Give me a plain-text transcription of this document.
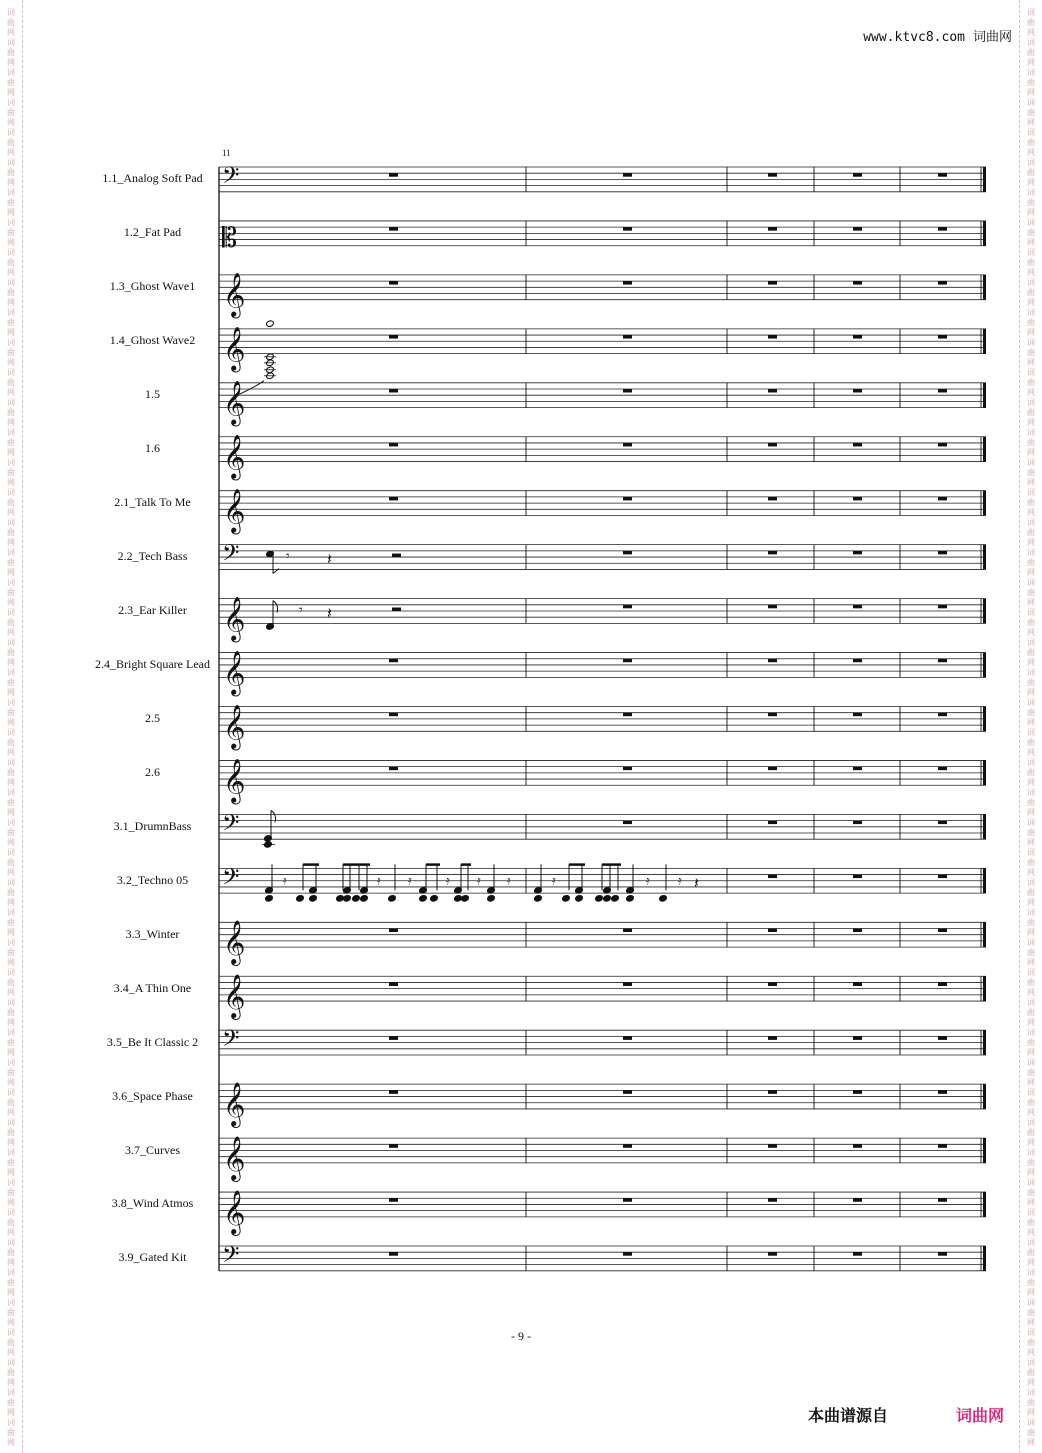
词
曲
网
词
曲
网
词
曲
网
词
曲
网
词
曲
网
词
曲
网
词
曲
网
词
曲
网
词
曲
网
词
曲
网
词
曲
网
词
曲
网
词
曲
网
词
曲
网
词
曲
网
词
曲
网
词
曲
网
词
曲
网
词
曲
网
词
曲
网
词
曲
网
词
曲
网
词
曲
网
词
曲
网
词
曲
网
词
曲
网
词
曲
网
词
曲
网
词
曲
网
词
曲
网
词
曲
网
词
曲
网
词
曲
网
词
曲
网
词
曲
网
词
曲
网
词
曲
网
词
曲
网
词
曲
网
词
曲
网
词
曲
网
词
曲
网
词
曲
网
词
曲
网
词
曲
网
词
曲
网
词
曲
网
词
曲
网
词
曲
网
词
曲
网
词
曲
网
词
曲
网
词
曲
网
词
曲
网
词
曲
网
词
曲
网
词
曲
网
词
曲
网
词
曲
网
词
曲
网
词
曲
网
词
曲
网
词
曲
网
词
曲
网
词
曲
网
词
曲
网
词
曲
网
词
曲
网
词
曲
网
词
曲
网
词
曲
网
词
曲
网
词
曲
网
词
曲
网
词
曲
网
词
曲
网
词
曲
网
词
曲
网
词
曲
网
词
曲
网
词
曲
网
词
曲
网
词
曲
网
词
曲
网
词
曲
网
词
曲
网
词
曲
网
词
曲
网
词
曲
网
词
曲
网
词
曲
网
词
曲
网
词
曲
网
词
曲
网
词
曲
网
词
曲
网
www.ktvc8.com 词曲网
11
𝄢
𝄡
𝄞
𝄞
𝄞
𝄞
𝄞
𝄢
𝄞
𝄞
𝄞
𝄞
𝄢
𝄢
𝄞
𝄞
𝄢
𝄞
𝄞
𝄞
𝄢
𝄾 𝄽
𝄾 𝄽
𝄿	𝄿 𝄿	𝄿 𝄿 𝄿	𝄿	𝄿 𝄿 𝄽
1.1_Analog Soft Pad
1.2_Fat Pad
1.3_Ghost Wave1
1.4_Ghost Wave2
1.5
1.6
2.1_Talk To Me
2.2_Tech Bass
2.3_Ear Killer
2.4_Bright Square Lead
2.5
2.6
3.1_DrumnBass
3.2_Techno 05
3.3_Winter
3.4_A Thin One
3.5_Be It Classic 2
3.6_Space Phase
3.7_Curves
3.8_Wind Atmos
3.9_Gated Kit
- 9 -
本曲谱源自	词曲网
